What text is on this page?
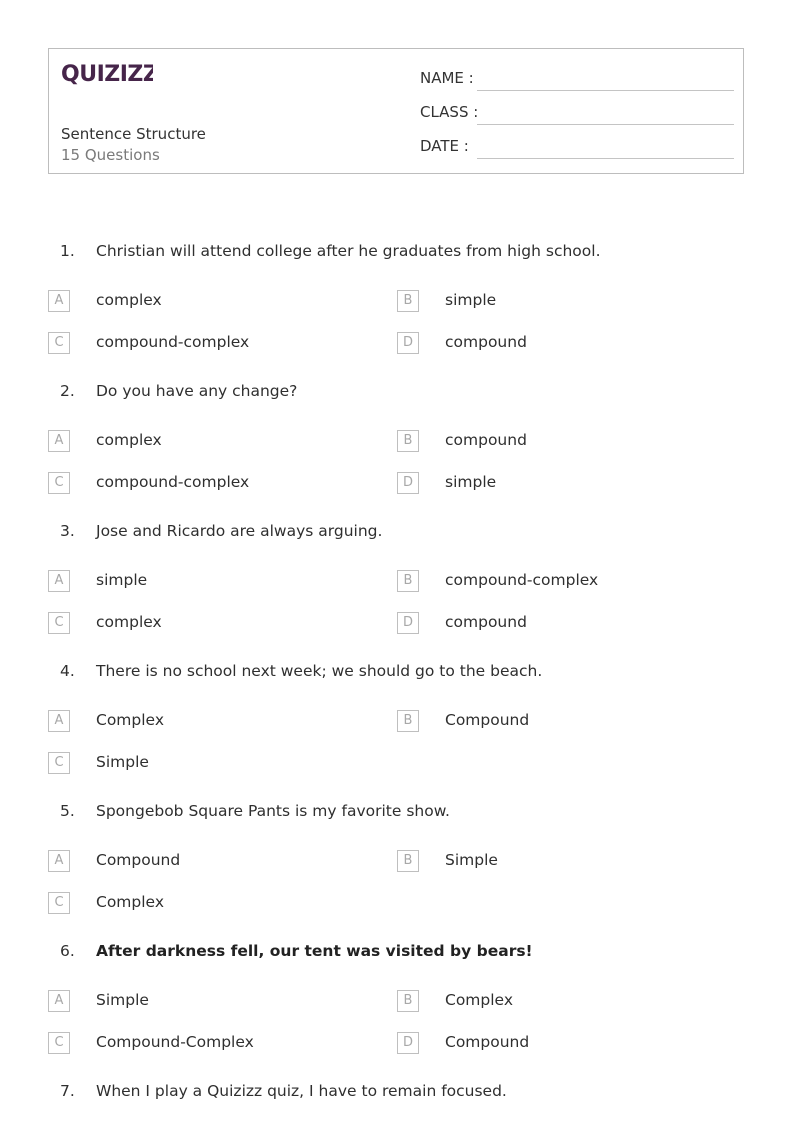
QUIZIZZ
Sentence Structure
15 Questions
NAME :
CLASS :
DATE :
1. Christian will attend college after he graduates from high school.
A	complex	B	simple
C	compound-complex	D	compound
2. Do you have any change?
A	complex	B	compound
C	compound-complex	D	simple
3. Jose and Ricardo are always arguing.
A	simple	B	compound-complex
C	complex	D	compound
4. There is no school next week; we should go to the beach.
A	Complex	B	Compound
C	Simple
5. Spongebob Square Pants is my favorite show.
A	Compound	B	Simple
C	Complex
6. After darkness fell, our tent was visited by bears!
A	Simple	B	Complex
C	Compound-Complex	D	Compound
7. When I play a Quizizz quiz, I have to remain focused.
